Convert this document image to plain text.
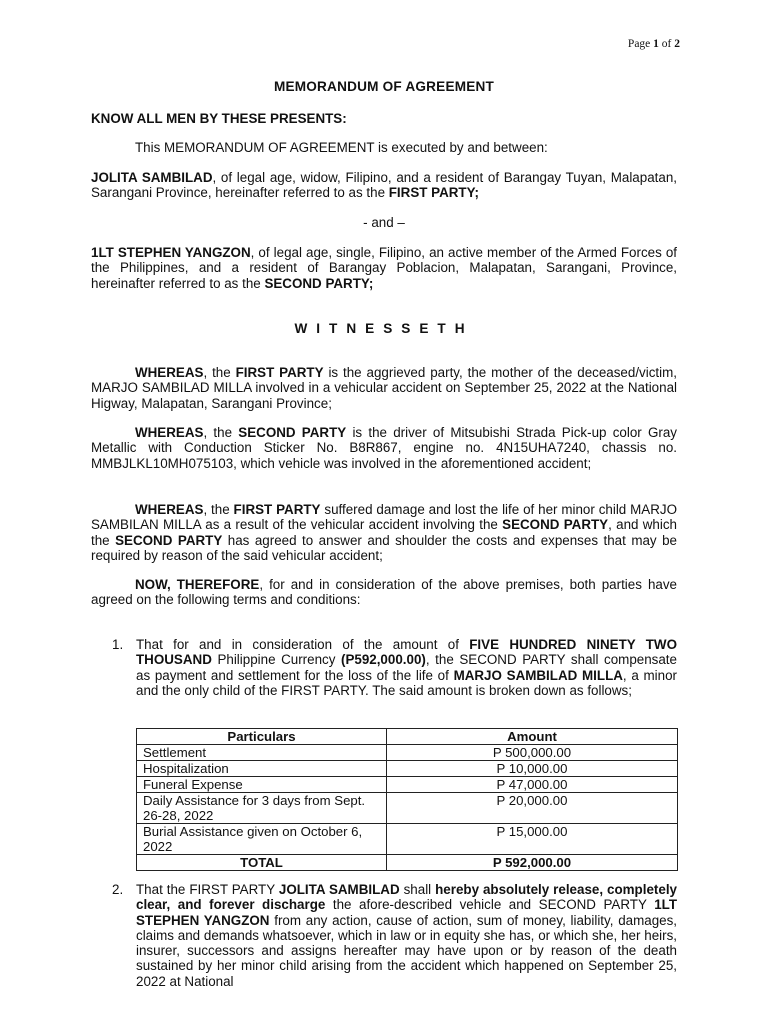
Page 1 of 2
MEMORANDUM OF AGREEMENT
KNOW ALL MEN BY THESE PRESENTS:
This MEMORANDUM OF AGREEMENT is executed by and between:
JOLITA SAMBILAD, of legal age, widow, Filipino, and a resident of Barangay Tuyan, Malapatan, Sarangani Province, hereinafter referred to as the FIRST PARTY;
- and –
1LT STEPHEN YANGZON, of legal age, single, Filipino, an active member of the Armed Forces of the Philippines, and a resident of Barangay Poblacion, Malapatan, Sarangani, Province, hereinafter referred to as the SECOND PARTY;
WITNESSETH
WHEREAS, the FIRST PARTY is the aggrieved party, the mother of the deceased/victim, MARJO SAMBILAD MILLA involved in a vehicular accident on September 25, 2022 at the National Higway, Malapatan, Sarangani Province;
WHEREAS, the SECOND PARTY is the driver of Mitsubishi Strada Pick-up color Gray Metallic with Conduction Sticker No. B8R867, engine no. 4N15UHA7240, chassis no. MMBJLKL10MH075103, which vehicle was involved in the aforementioned accident;
WHEREAS, the FIRST PARTY suffered damage and lost the life of her minor child MARJO SAMBILAN MILLA as a result of the vehicular accident involving the SECOND PARTY, and which the SECOND PARTY has agreed to answer and shoulder the costs and expenses that may be required by reason of the said vehicular accident;
NOW, THEREFORE, for and in consideration of the above premises, both parties have agreed on the following terms and conditions:
1. That for and in consideration of the amount of FIVE HUNDRED NINETY TWO THOUSAND Philippine Currency (P592,000.00), the SECOND PARTY shall compensate as payment and settlement for the loss of the life of MARJO SAMBILAD MILLA, a minor and the only child of the FIRST PARTY. The said amount is broken down as follows;
Particulars	Amount
Settlement	P 500,000.00
Hospitalization	P 10,000.00
Funeral Expense	P 47,000.00
Daily Assistance for 3 days from Sept. 26-28, 2022	P 20,000.00
Burial Assistance given on October 6, 2022	P 15,000.00
TOTAL	P 592,000.00
2. That the FIRST PARTY JOLITA SAMBILAD shall hereby absolutely release, completely clear, and forever discharge the afore-described vehicle and SECOND PARTY 1LT STEPHEN YANGZON from any action, cause of action, sum of money, liability, damages, claims and demands whatsoever, which in law or in equity she has, or which she, her heirs, insurer, successors and assigns hereafter may have upon or by reason of the death sustained by her minor child arising from the accident which happened on September 25, 2022 at National
